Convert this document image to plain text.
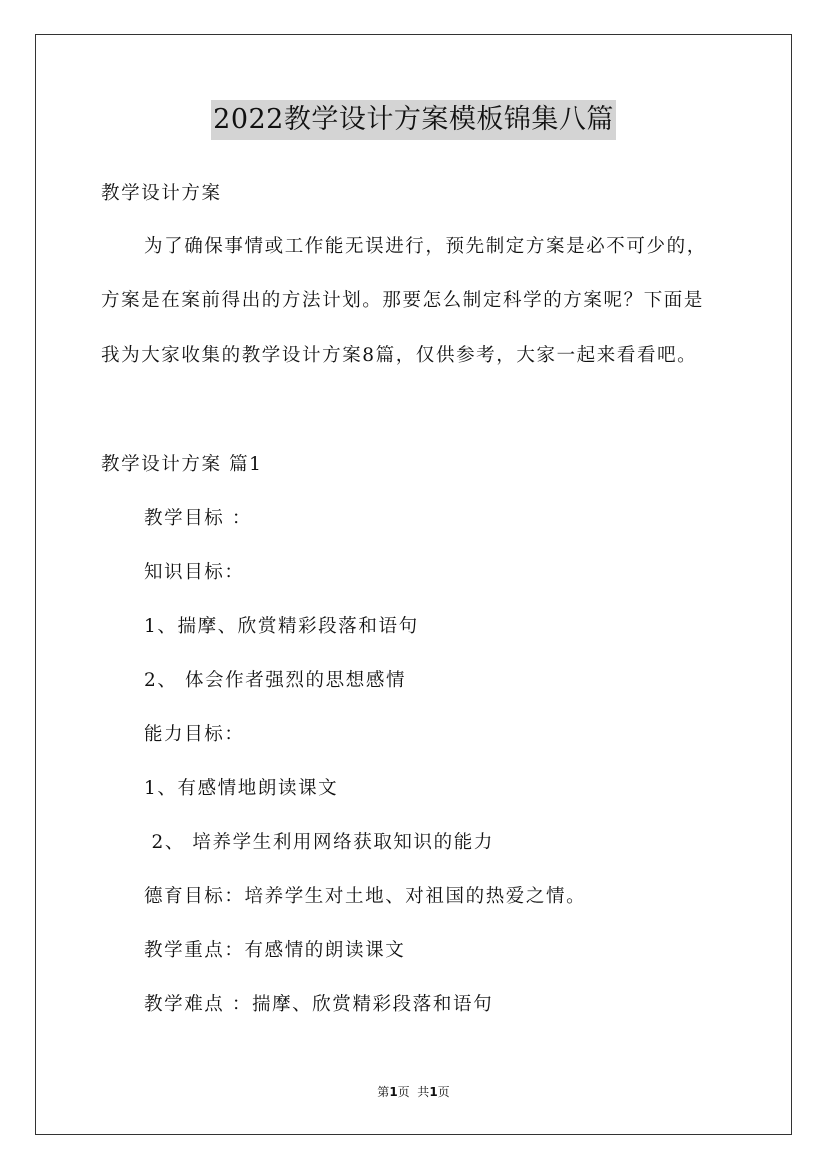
2022教学设计方案模板锦集八篇
教学设计方案
为了确保事情或工作能无误进行，预先制定方案是必不可少的，
方案是在案前得出的方法计划。那要怎么制定科学的方案呢？下面是
我为大家收集的教学设计方案8篇，仅供参考，大家一起来看看吧。
教学设计方案 篇1
教学目标 ：
知识目标：
1、揣摩、欣赏精彩段落和语句
2、 体会作者强烈的思想感情
能力目标：
1、有感情地朗读课文
2、 培养学生利用网络获取知识的能力
德育目标：培养学生对土地、对祖国的热爱之情。
教学重点：有感情的朗读课文
教学难点 ：揣摩、欣赏精彩段落和语句
第1页  共1页
